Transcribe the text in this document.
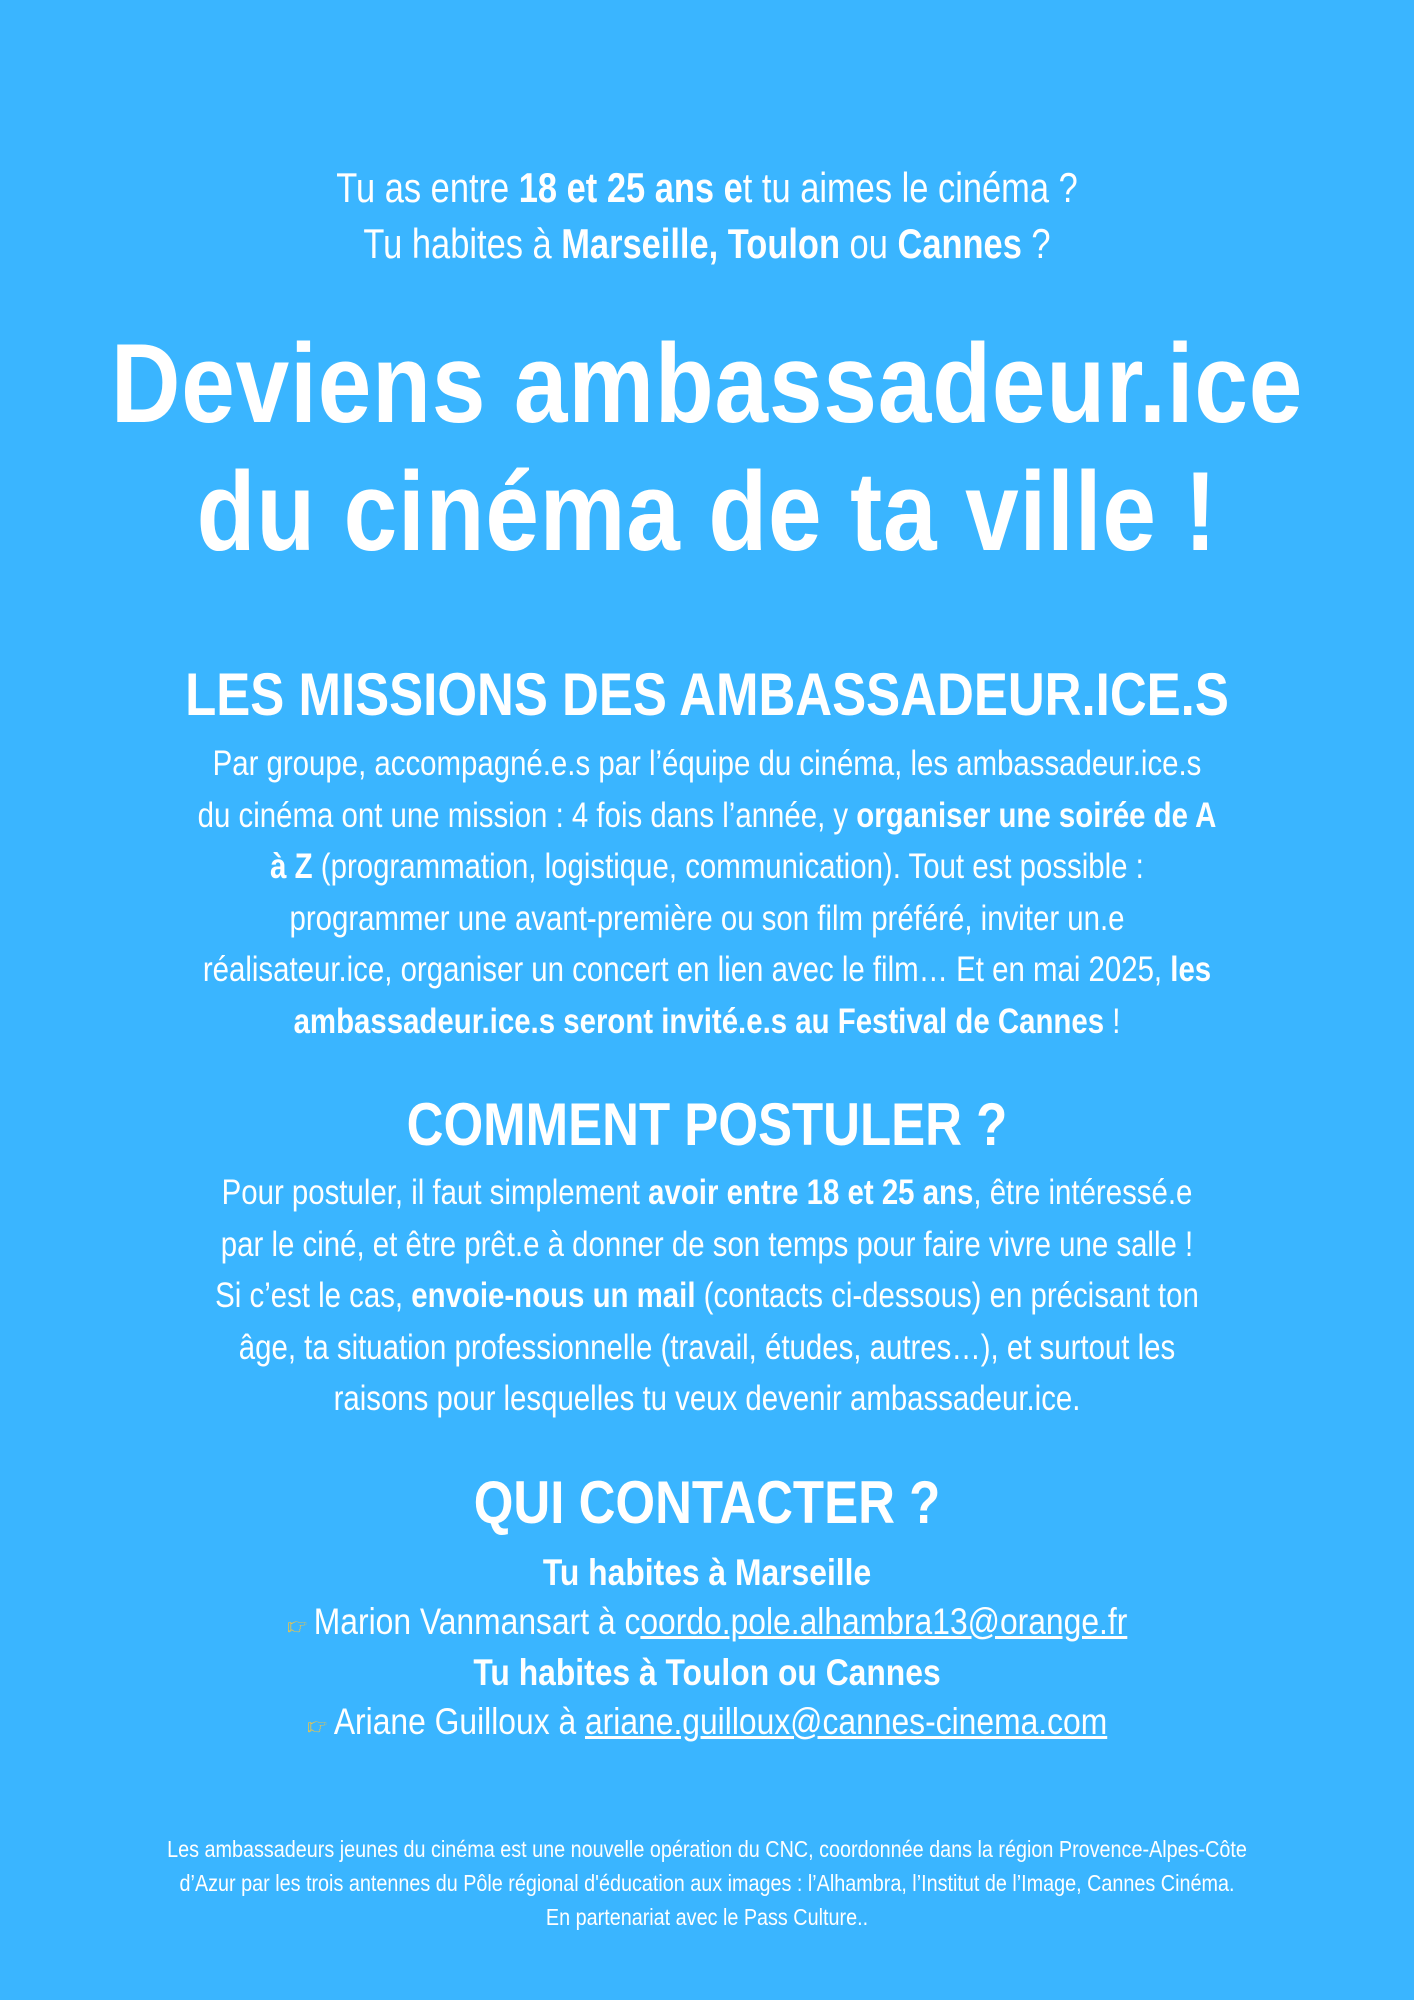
Tu as entre 18 et 25 ans et tu aimes le cinéma ?
Tu habites à Marseille, Toulon ou Cannes ?
Deviens ambassadeur.ice
du cinéma de ta ville !
LES MISSIONS DES AMBASSADEUR.ICE.S

Par groupe, accompagné.e.s par l’équipe du cinéma, les ambassadeur.ice.s du cinéma ont une mission : 4 fois dans l’année, y organiser une soirée de A à Z (programmation, logistique, communication). Tout est possible : programmer une avant-première ou son film préféré, inviter un.e réalisateur.ice, organiser un concert en lien avec le film… Et en mai 2025, les ambassadeur.ice.s seront invité.e.s au Festival de Cannes !

COMMENT POSTULER ?

Pour postuler, il faut simplement avoir entre 18 et 25 ans, être intéressé.e par le ciné, et être prêt.e à donner de son temps pour faire vivre une salle !

Si c’est le cas, envoie-nous un mail (contacts ci-dessous) en précisant ton âge, ta situation professionnelle (travail, études, autres…), et surtout les raisons pour lesquelles tu veux devenir ambassadeur.ice.

QUI CONTACTER ?
Tu habites à Marseille
👉︎ Marion Vanmansart à coordo.pole.alhambra13@orange.fr
Tu habites à Toulon ou Cannes
👉︎ Ariane Guilloux à ariane.guilloux@cannes-cinema.com
Les ambassadeurs jeunes du cinéma est une nouvelle opération du CNC, coordonnée dans la région Provence-Alpes-Côte d’Azur par les trois antennes du Pôle régional d'éducation aux images : l’Alhambra, l’Institut de l’Image, Cannes Cinéma.
En partenariat avec le Pass Culture..
